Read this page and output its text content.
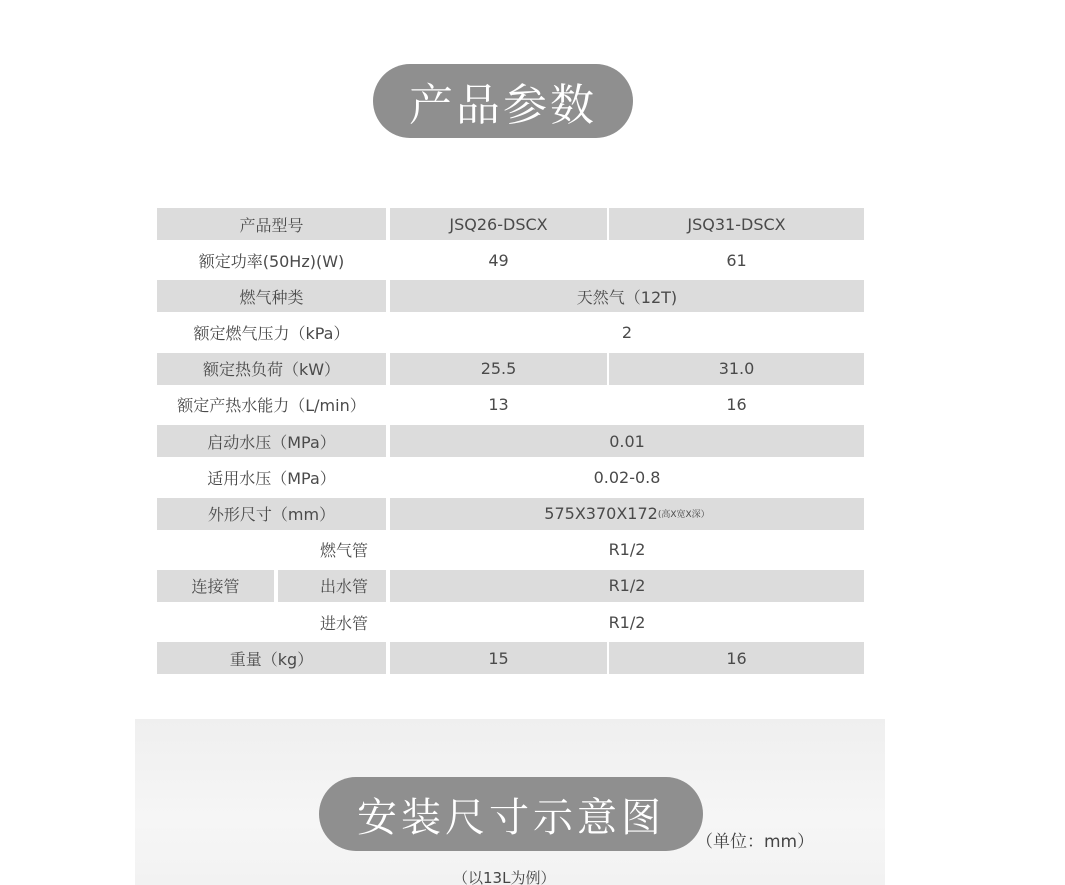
产品参数
产品型号	JSQ26-DSCX	JSQ31-DSCX
额定功率(50Hz)(W)	49	61
燃气种类	天然气（12T)
额定燃气压力（kPa）	2
额定热负荷（kW）	25.5	31.0
额定产热水能力（L/min）	13	16
启动水压（MPa）	0.01
适用水压（MPa）	0.02-0.8
外形尺寸（mm）	575X370X172 (高X宽X深）
燃气管	R1/2
连接管	出水管	R1/2
进水管	R1/2
重量（kg）	15	16
安装尺寸示意图
（单位：mm）
（以13L为例）
